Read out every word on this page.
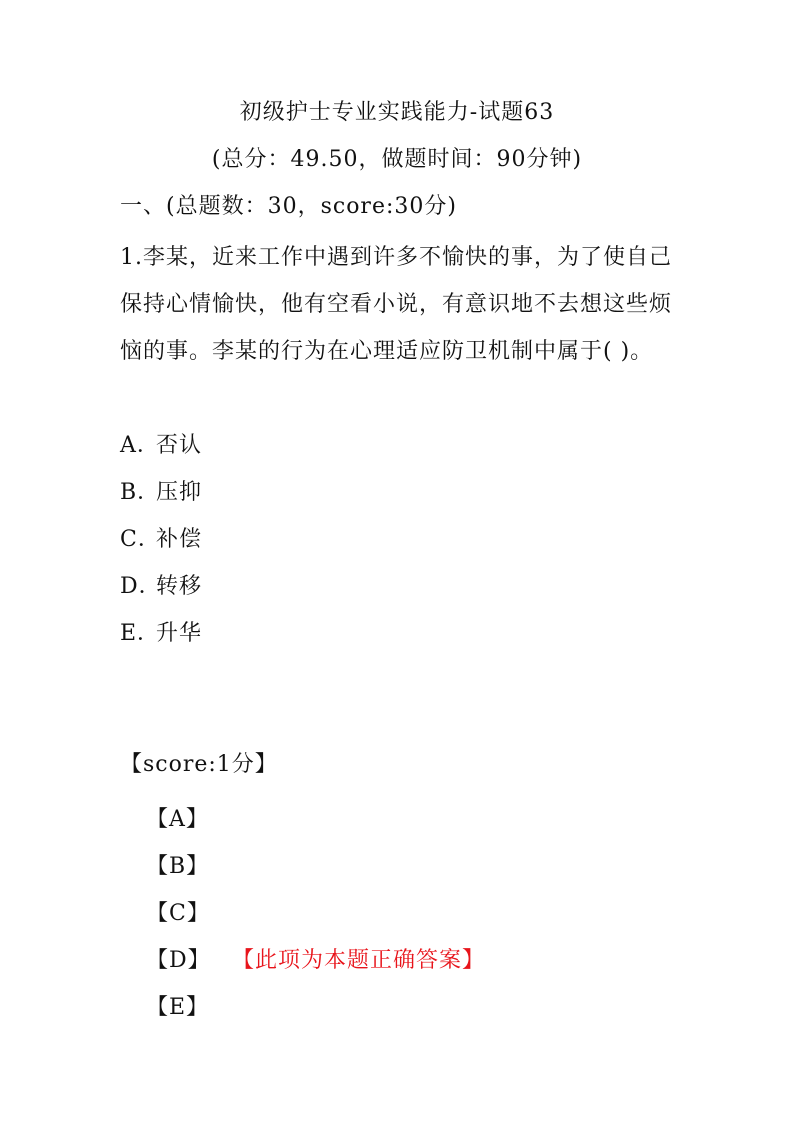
初级护士专业实践能力-试题63
(总分：49.50，做题时间：90分钟)
一、(总题数：30，score:30分)

1.李某，近来工作中遇到许多不愉快的事，为了使自己保持心情愉快，他有空看小说，有意识地不去想这些烦恼的事。李某的行为在心理适应防卫机制中属于( )。

A．否认
B．压抑
C．补偿
D．转移
E．升华
【score:1分】
【A】
【B】
【C】
【D】 【此项为本题正确答案】
【E】
